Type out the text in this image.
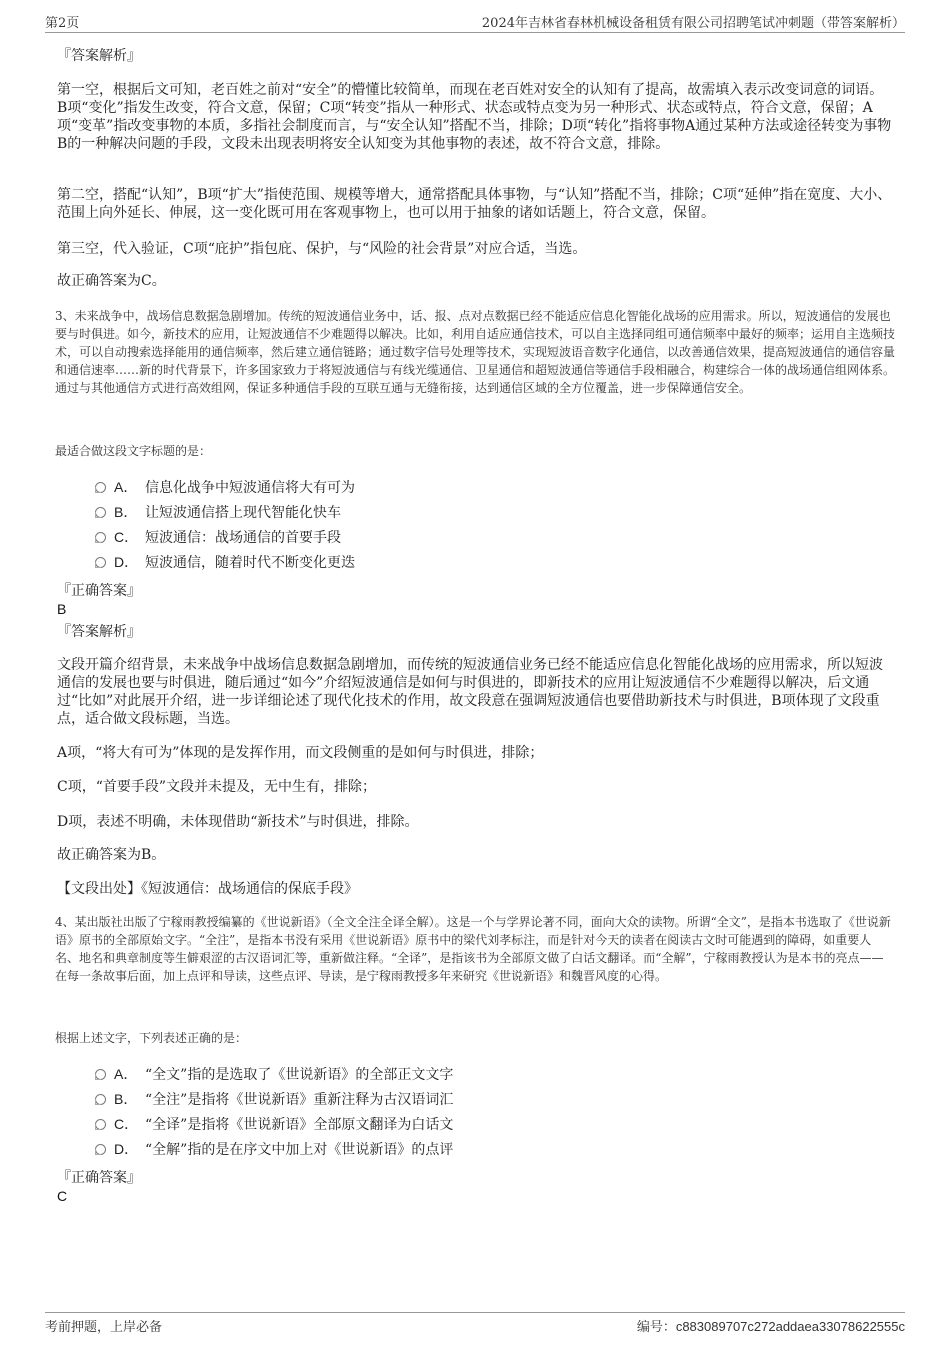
第2页	2024年吉林省春林机械设备租赁有限公司招聘笔试冲刺题（带答案解析）
『答案解析』
第一空，根据后文可知，老百姓之前对“安全”的懵懂比较简单，而现在老百姓对安全的认知有了提高，故需填入表示改变词意的词语。B项“变化”指发生改变，符合文意，保留；C项“转变”指从一种形式、状态或特点变为另一种形式、状态或特点，符合文意，保留；A项“变革”指改变事物的本质，多指社会制度而言，与“安全认知”搭配不当，排除；D项“转化”指将事物A通过某种方法或途径转变为事物B的一种解决问题的手段，文段未出现表明将安全认知变为其他事物的表述，故不符合文意，排除。
第二空，搭配“认知”，B项“扩大”指使范围、规模等增大，通常搭配具体事物，与“认知”搭配不当，排除；C项“延伸”指在宽度、大小、范围上向外延长、伸展，这一变化既可用在客观事物上，也可以用于抽象的诸如话题上，符合文意，保留。
第三空，代入验证，C项“庇护”指包庇、保护，与“风险的社会背景”对应合适，当选。
故正确答案为C。
3、未来战争中，战场信息数据急剧增加。传统的短波通信业务中，话、报、点对点数据已经不能适应信息化智能化战场的应用需求。所以，短波通信的发展也要与时俱进。如今，新技术的应用，让短波通信不少难题得以解决。比如，利用自适应通信技术，可以自主选择同组可通信频率中最好的频率；运用自主选频技术，可以自动搜索选择能用的通信频率，然后建立通信链路；通过数字信号处理等技术，实现短波语音数字化通信，以改善通信效果，提高短波通信的通信容量和通信速率……新的时代背景下，许多国家致力于将短波通信与有线光缆通信、卫星通信和超短波通信等通信手段相融合，构建综合一体的战场通信组网体系。通过与其他通信方式进行高效组网，保证多种通信手段的互联互通与无缝衔接，达到通信区域的全方位覆盖，进一步保障通信安全。
最适合做这段文字标题的是：
A． 信息化战争中短波通信将大有可为
B． 让短波通信搭上现代智能化快车
C． 短波通信：战场通信的首要手段
D． 短波通信，随着时代不断变化更迭
『正确答案』
B
『答案解析』
文段开篇介绍背景，未来战争中战场信息数据急剧增加，而传统的短波通信业务已经不能适应信息化智能化战场的应用需求，所以短波通信的发展也要与时俱进，随后通过“如今”介绍短波通信是如何与时俱进的，即新技术的应用让短波通信不少难题得以解决，后文通过“比如”对此展开介绍，进一步详细论述了现代化技术的作用，故文段意在强调短波通信也要借助新技术与时俱进，B项体现了文段重点，适合做文段标题，当选。
A项，“将大有可为”体现的是发挥作用，而文段侧重的是如何与时俱进，排除；
C项，“首要手段”文段并未提及，无中生有，排除；
D项，表述不明确，未体现借助“新技术”与时俱进，排除。
故正确答案为B。
【文段出处】《短波通信：战场通信的保底手段》
4、某出版社出版了宁稼雨教授编纂的《世说新语》（全文全注全译全解）。这是一个与学界论著不同，面向大众的读物。所谓“全文”，是指本书选取了《世说新语》原书的全部原始文字。“全注”，是指本书没有采用《世说新语》原书中的梁代刘孝标注，而是针对今天的读者在阅读古文时可能遇到的障碍，如重要人名、地名和典章制度等生僻艰涩的古汉语词汇等，重新做注释。“全译”，是指该书为全部原文做了白话文翻译。而“全解”，宁稼雨教授认为是本书的亮点——在每一条故事后面，加上点评和导读，这些点评、导读，是宁稼雨教授多年来研究《世说新语》和魏晋风度的心得。
根据上述文字，下列表述正确的是：
A． “全文”指的是选取了《世说新语》的全部正文文字
B． “全注”是指将《世说新语》重新注释为古汉语词汇
C． “全译”是指将《世说新语》全部原文翻译为白话文
D． “全解”指的是在序文中加上对《世说新语》的点评
『正确答案』
C
考前押题，上岸必备	编号：c883089707c272addaea33078622555c
